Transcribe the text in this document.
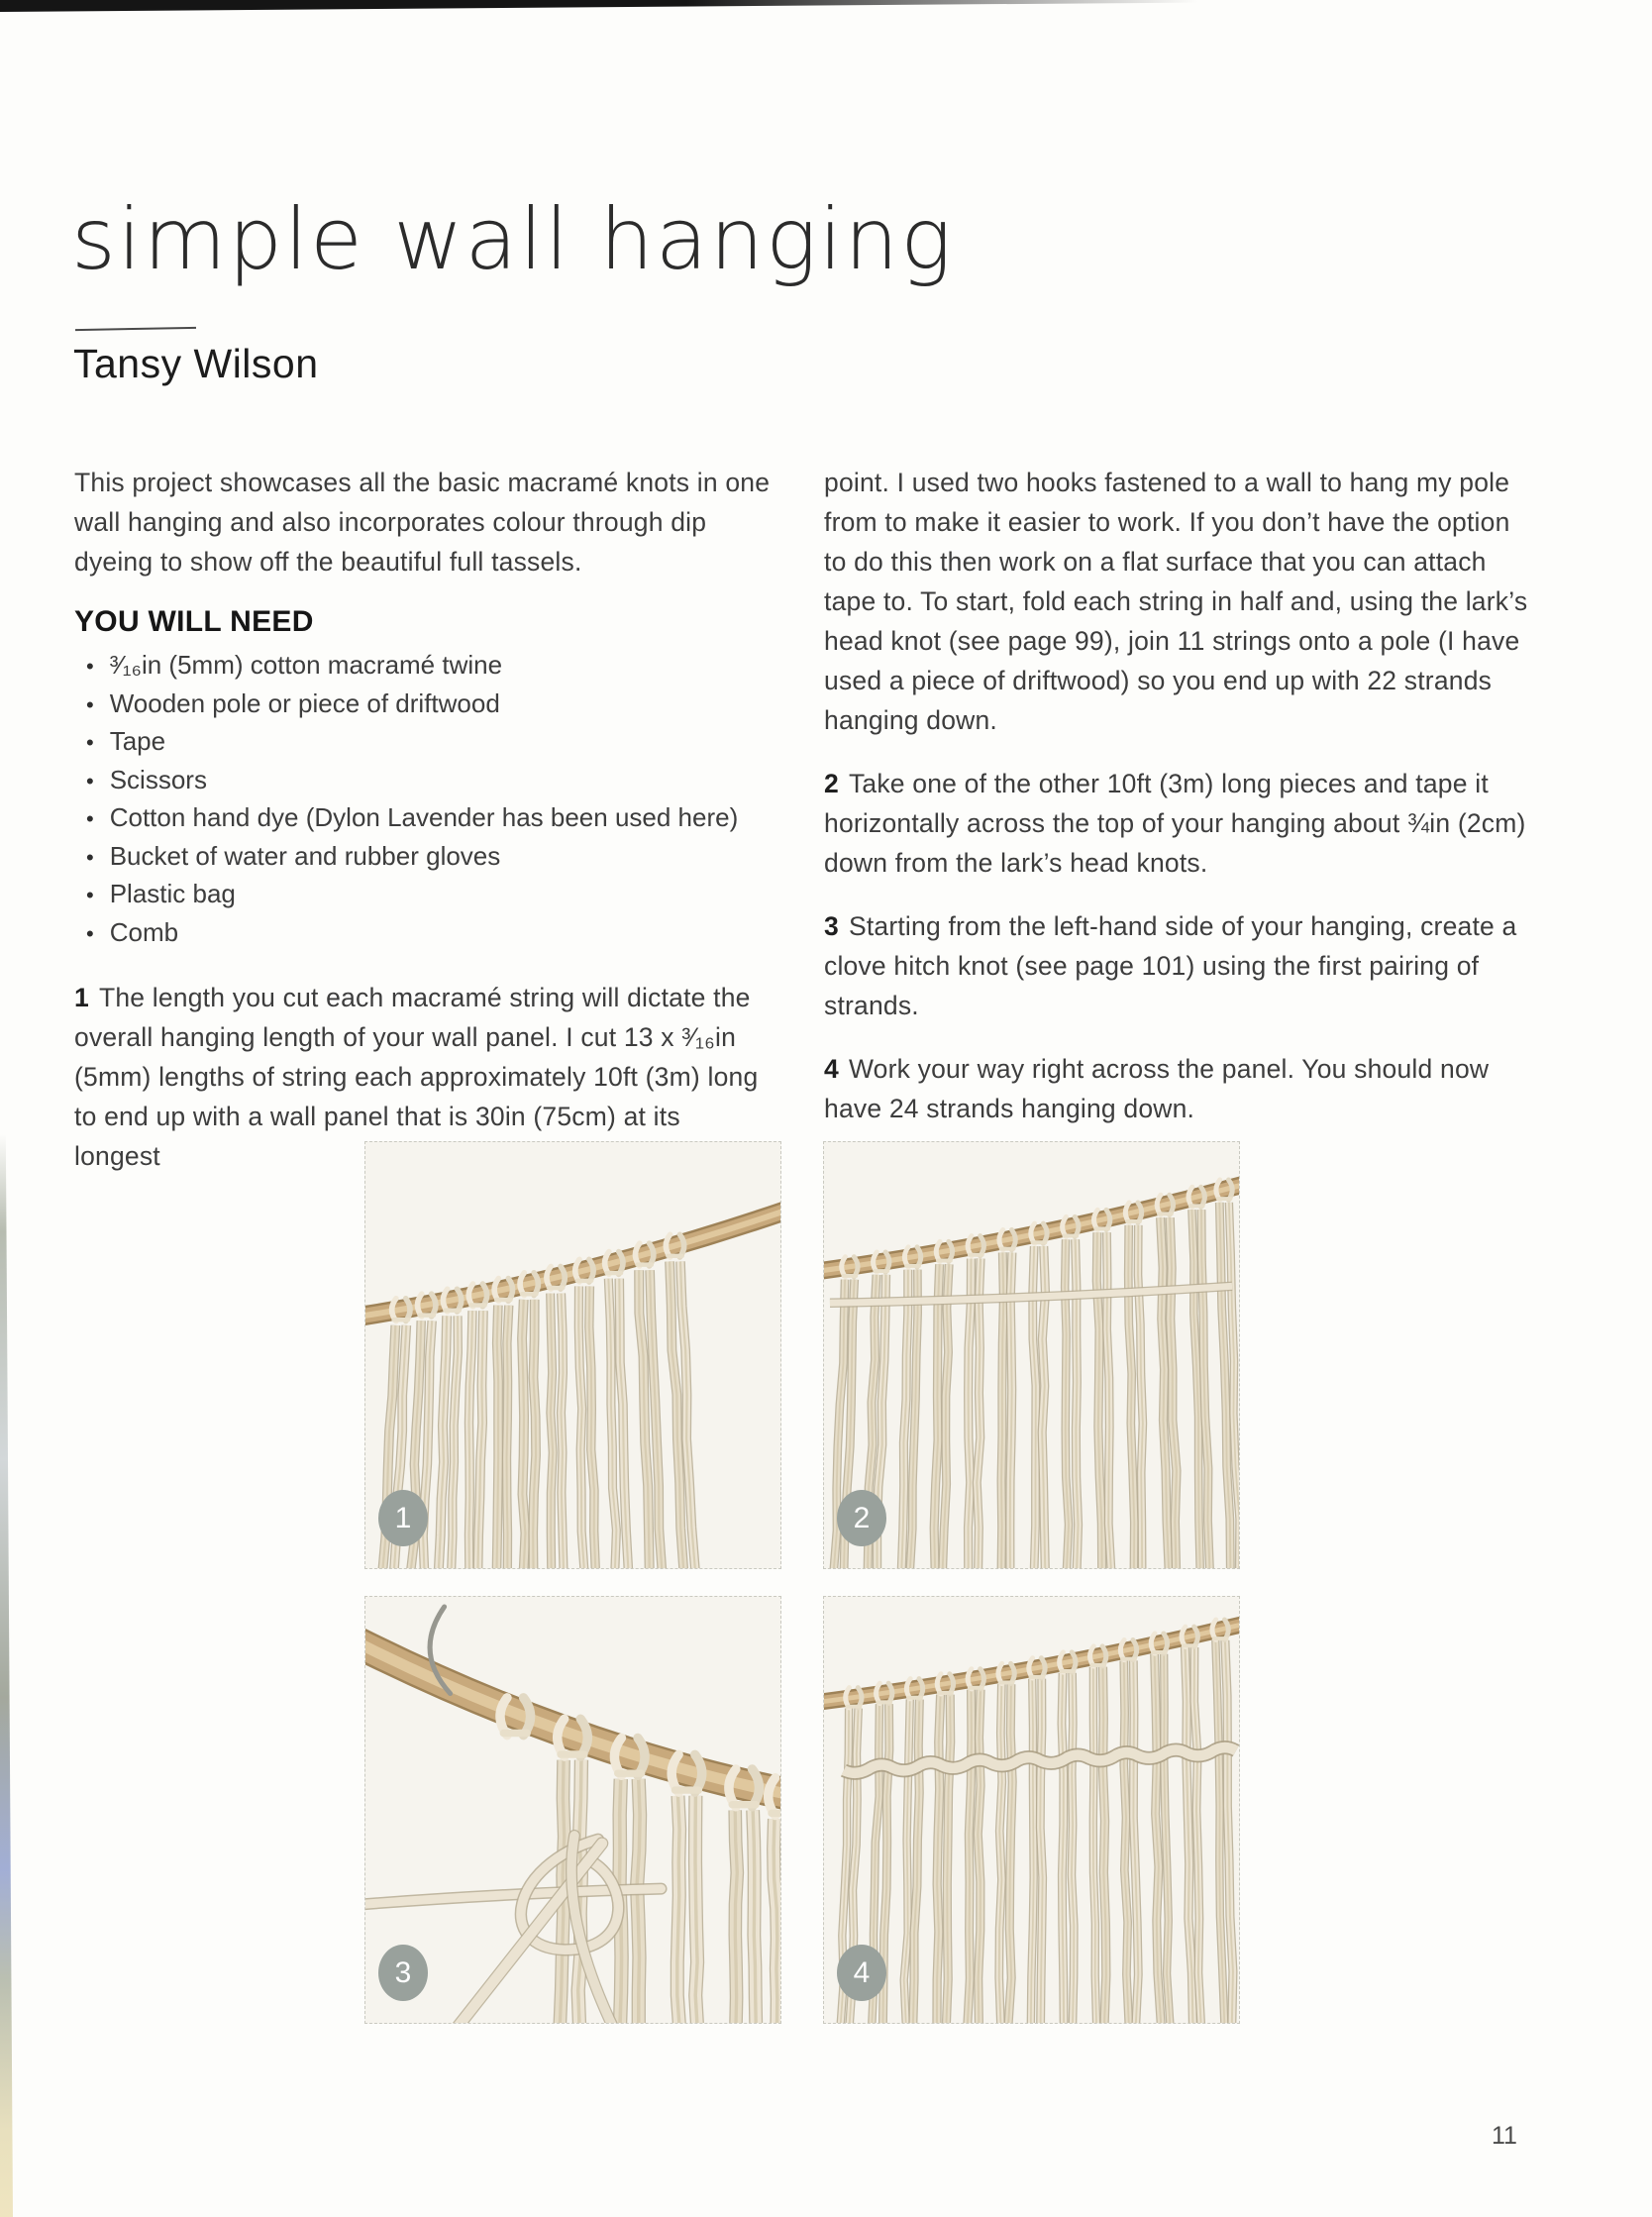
simple wall hanging
Tansy Wilson

This project showcases all the basic macramé knots in one wall hanging and also incorporates colour through dip dyeing to show off the beautiful full tassels.

YOU WILL NEED
• ³⁄₁₆in (5mm) cotton macramé twine
• Wooden pole or piece of driftwood
• Tape
• Scissors
• Cotton hand dye (Dylon Lavender has been used here)
• Bucket of water and rubber gloves
• Plastic bag
• Comb

1 The length you cut each macramé string will dictate the overall hanging length of your wall panel. I cut 13 x ³⁄₁₆in (5mm) lengths of string each approximately 10ft (3m) long to end up with a wall panel that is 30in (75cm) at its longest

point. I used two hooks fastened to a wall to hang my pole from to make it easier to work. If you don’t have the option to do this then work on a flat surface that you can attach tape to. To start, fold each string in half and, using the lark’s head knot (see page 99), join 11 strings onto a pole (I have used a piece of driftwood) so you end up with 22 strands hanging down.

2 Take one of the other 10ft (3m) long pieces and tape it horizontally across the top of your hanging about ¾in (2cm) down from the lark’s head knots.

3 Starting from the left-hand side of your hanging, create a clove hitch knot (see page 101) using the first pairing of strands.

4 Work your way right across the panel. You should now have 24 strands hanging down.

1	2
3	4
11
